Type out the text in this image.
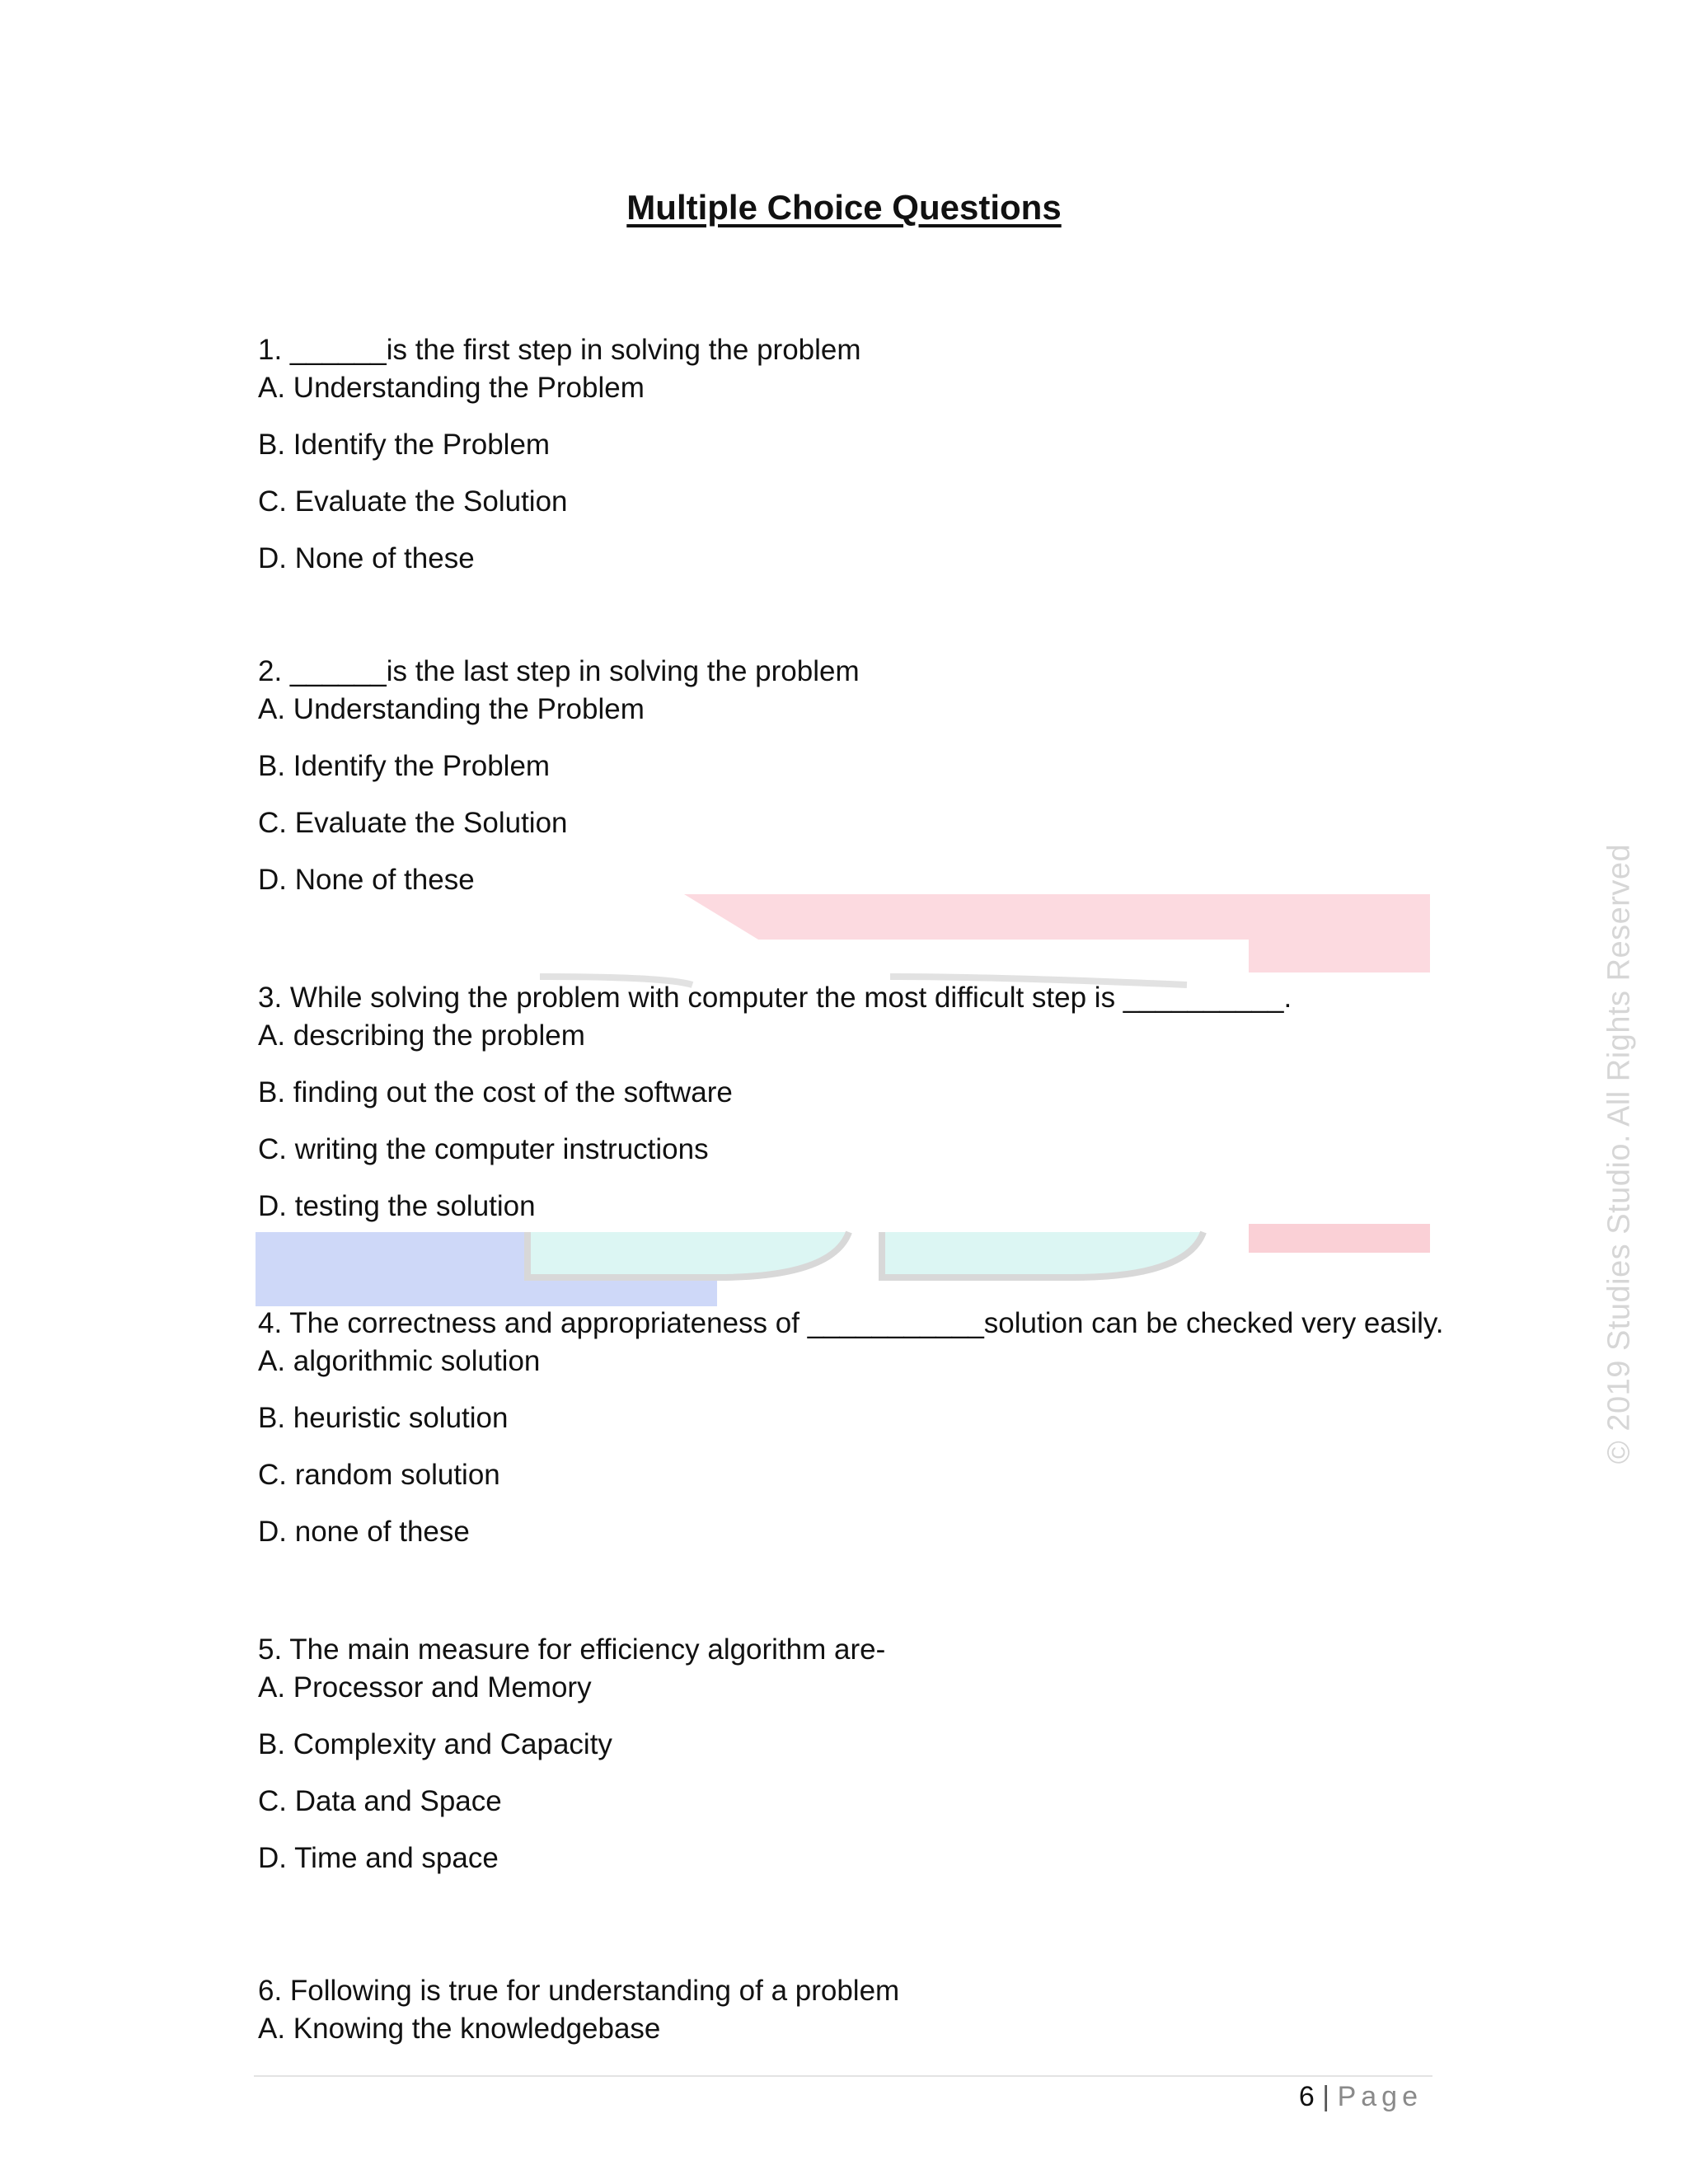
© 2019 Studies Studio. All Rights Reserved
Multiple Choice Questions

1. ______is the first step in solving the problem

A. Understanding the Problem

B. Identify the Problem

C. Evaluate the Solution

D. None of these

2. ______is the last step in solving the problem

A. Understanding the Problem

B. Identify the Problem

C. Evaluate the Solution

D. None of these

3. While solving the problem with computer the most difficult step is __________.

A. describing the problem

B. finding out the cost of the software

C. writing the computer instructions

D. testing the solution

4. The correctness and appropriateness of ___________solution can be checked very easily.

A. algorithmic solution

B. heuristic solution

C. random solution

D. none of these

5. The main measure for efficiency algorithm are-

A. Processor and Memory

B. Complexity and Capacity

C. Data and Space

D. Time and space

6. Following is true for understanding of a problem

A. Knowing the knowledgebase

6 | Page
